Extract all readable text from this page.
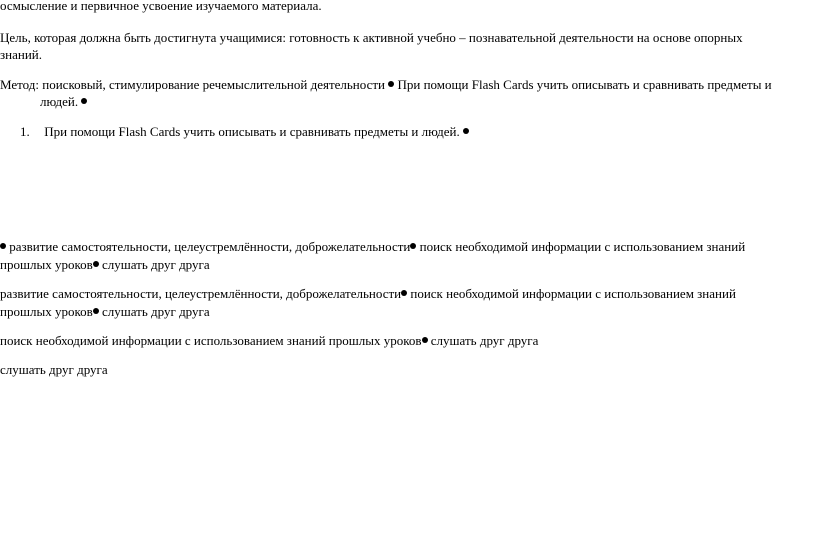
осмысление и первичное усвоение изучаемого материала.
Цель, которая должна быть достигнута учащимися: готовность к активной учебно – познавательной деятельности на основе опорных
знаний.
Метод: поисковый, стимулирование речемыслительной деятельности При помощи Flash Cards учить описывать и сравнивать предметы и
людей.
1. При помощи Flash Cards учить описывать и сравнивать предметы и людей.
развитие самостоятельности, целеустремлённости, доброжелательности поиск необходимой информации с использованием знаний
прошлых уроков слушать друг друга
развитие самостоятельности, целеустремлённости, доброжелательности поиск необходимой информации с использованием знаний
прошлых уроков слушать друг друга
поиск необходимой информации с использованием знаний прошлых уроков слушать друг друга
слушать друг друга
